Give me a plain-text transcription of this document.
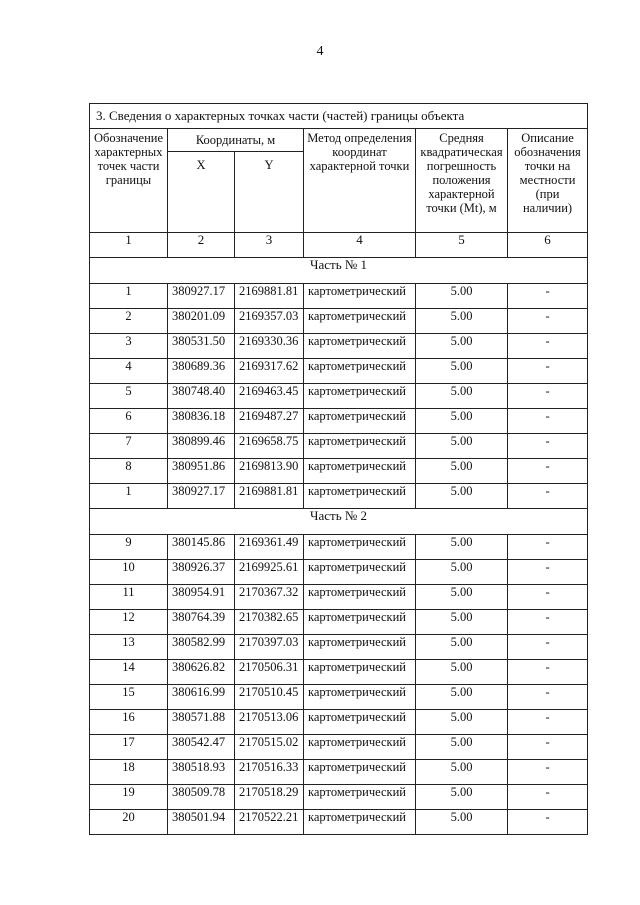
4
3. Сведения о характерных точках части (частей) границы объекта					
Обозначение характерных точек части границы	Координаты, м		Метод определения координат характерной точки	Средняя квадратическая погрешность положения характерной точки (Mt), м	Описание обозначения точки на местности (при наличии)
	X	Y			
1	2	3	4	5	6
Часть № 1					
1	380927.17	2169881.81	картометрический	5.00	-
2	380201.09	2169357.03	картометрический	5.00	-
3	380531.50	2169330.36	картометрический	5.00	-
4	380689.36	2169317.62	картометрический	5.00	-
5	380748.40	2169463.45	картометрический	5.00	-
6	380836.18	2169487.27	картометрический	5.00	-
7	380899.46	2169658.75	картометрический	5.00	-
8	380951.86	2169813.90	картометрический	5.00	-
1	380927.17	2169881.81	картометрический	5.00	-
Часть № 2					
9	380145.86	2169361.49	картометрический	5.00	-
10	380926.37	2169925.61	картометрический	5.00	-
11	380954.91	2170367.32	картометрический	5.00	-
12	380764.39	2170382.65	картометрический	5.00	-
13	380582.99	2170397.03	картометрический	5.00	-
14	380626.82	2170506.31	картометрический	5.00	-
15	380616.99	2170510.45	картометрический	5.00	-
16	380571.88	2170513.06	картометрический	5.00	-
17	380542.47	2170515.02	картометрический	5.00	-
18	380518.93	2170516.33	картометрический	5.00	-
19	380509.78	2170518.29	картометрический	5.00	-
20	380501.94	2170522.21	картометрический	5.00	-
